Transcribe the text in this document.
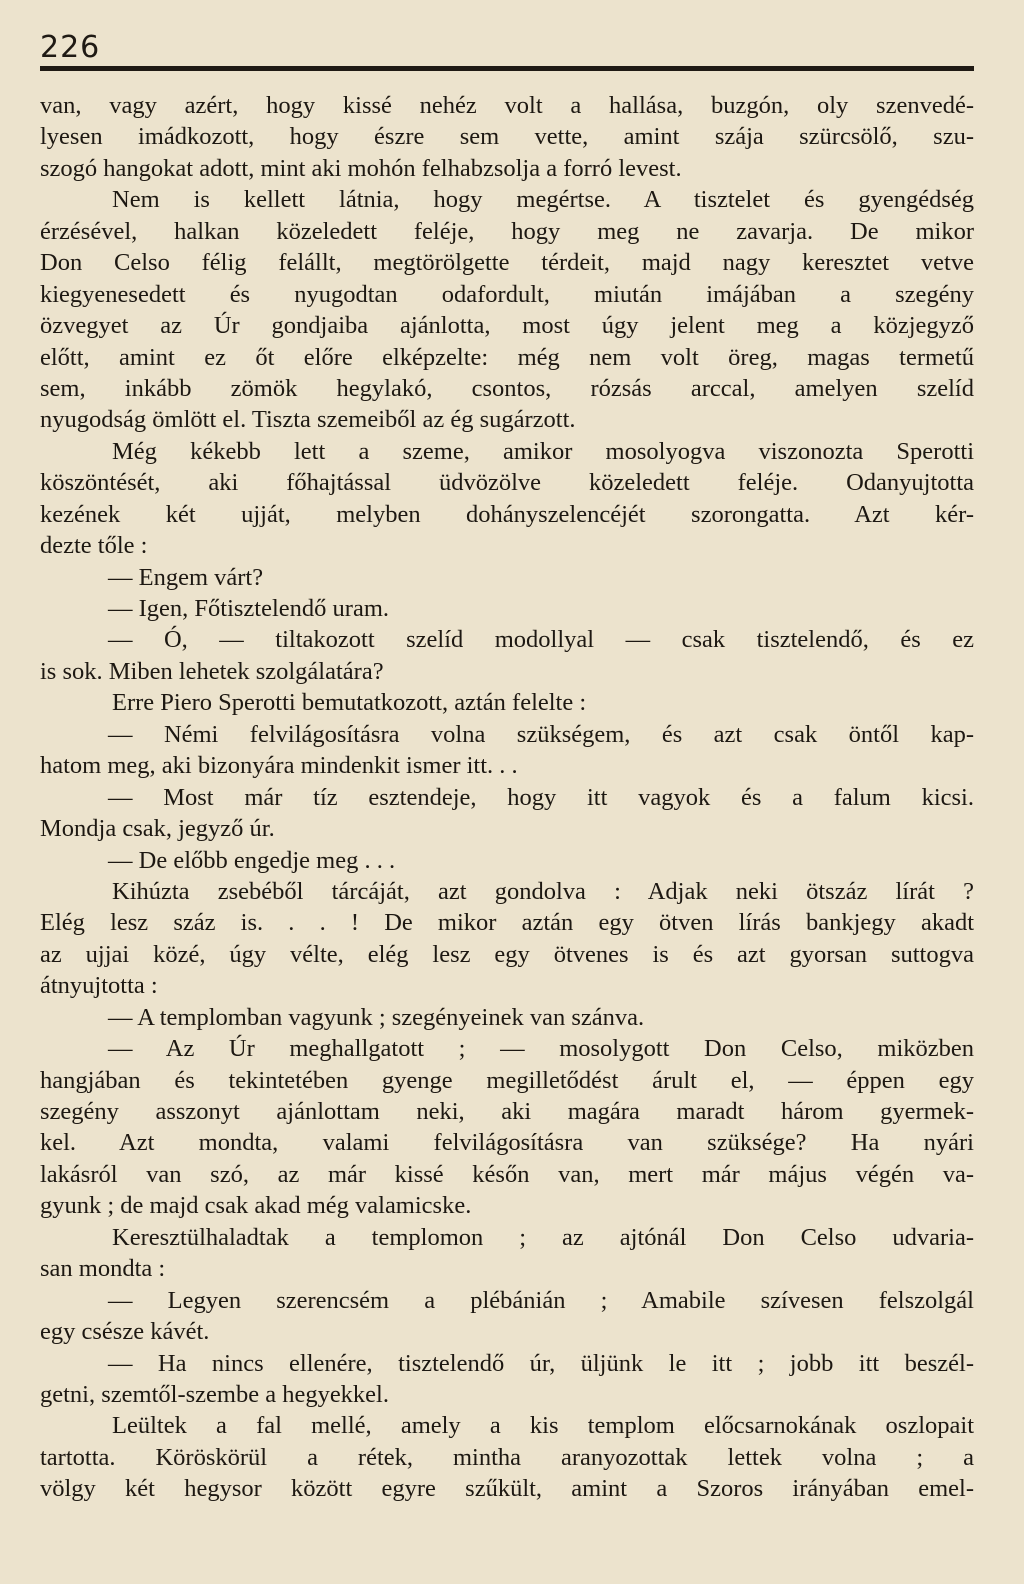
226
van, vagy azért, hogy kissé nehéz volt a hallása, buzgón, oly szenvedé-
lyesen imádkozott, hogy észre sem vette, amint szája szürcsölő, szu-
szogó hangokat adott, mint aki mohón felhabzsolja a forró levest.
Nem is kellett látnia, hogy megértse. A tisztelet és gyengédség
érzésével, halkan közeledett feléje, hogy meg ne zavarja. De mikor
Don Celso félig felállt, megtörölgette térdeit, majd nagy keresztet vetve
kiegyenesedett és nyugodtan odafordult, miután imájában a szegény
özvegyet az Úr gondjaiba ajánlotta, most úgy jelent meg a közjegyző
előtt, amint ez őt előre elképzelte: még nem volt öreg, magas termetű
sem, inkább zömök hegylakó, csontos, rózsás arccal, amelyen szelíd
nyugodság ömlött el. Tiszta szemeiből az ég sugárzott.
Még kékebb lett a szeme, amikor mosolyogva viszonozta Sperotti
köszöntését, aki főhajtással üdvözölve közeledett feléje. Odanyujtotta
kezének két ujját, melyben dohányszelencéjét szorongatta. Azt kér-
dezte tőle :
— Engem várt?
— Igen, Főtisztelendő uram.
— Ó, — tiltakozott szelíd modollyal — csak tisztelendő, és ez
is sok. Miben lehetek szolgálatára?
Erre Piero Sperotti bemutatkozott, aztán felelte :
— Némi felvilágosításra volna szükségem, és azt csak öntől kap-
hatom meg, aki bizonyára mindenkit ismer itt. . .
— Most már tíz esztendeje, hogy itt vagyok és a falum kicsi.
Mondja csak, jegyző úr.
— De előbb engedje meg . . .
Kihúzta zsebéből tárcáját, azt gondolva : Adjak neki ötszáz lírát ?
Elég lesz száz is. . . ! De mikor aztán egy ötven lírás bankjegy akadt
az ujjai közé, úgy vélte, elég lesz egy ötvenes is és azt gyorsan suttogva
átnyujtotta :
— A templomban vagyunk ; szegényeinek van szánva.
— Az Úr meghallgatott ; — mosolygott Don Celso, miközben
hangjában és tekintetében gyenge megilletődést árult el, — éppen egy
szegény asszonyt ajánlottam neki, aki magára maradt három gyermek-
kel. Azt mondta, valami felvilágosításra van szüksége? Ha nyári
lakásról van szó, az már kissé későn van, mert már május végén va-
gyunk ; de majd csak akad még valamicske.
Keresztülhaladtak a templomon ; az ajtónál Don Celso udvaria-
san mondta :
— Legyen szerencsém a plébánián ; Amabile szívesen felszolgál
egy csésze kávét.
— Ha nincs ellenére, tisztelendő úr, üljünk le itt ; jobb itt beszél-
getni, szemtől-szembe a hegyekkel.
Leültek a fal mellé, amely a kis templom előcsarnokának oszlopait
tartotta. Köröskörül a rétek, mintha aranyozottak lettek volna ; a
völgy két hegysor között egyre szűkült, amint a Szoros irányában emel-
